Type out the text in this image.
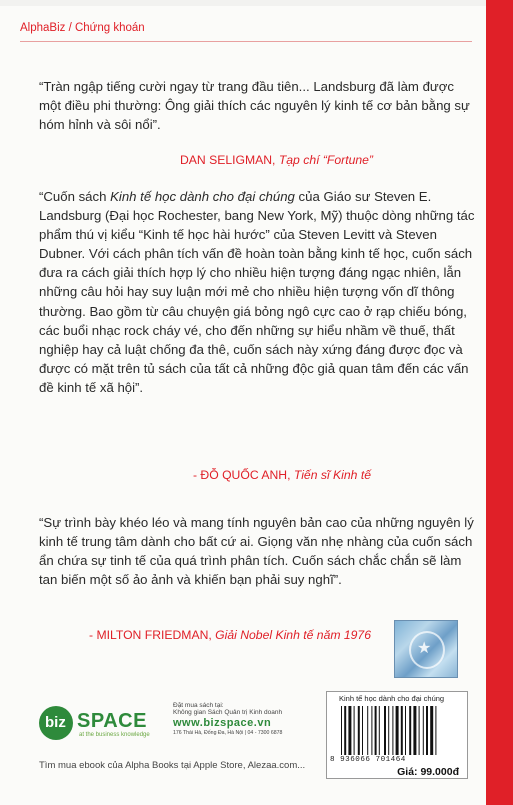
AlphaBiz / Chứng khoán

“Tràn ngập tiếng cười ngay từ trang đầu tiên... Landsburg đã làm được một điều phi thường: Ông giải thích các nguyên lý kinh tế cơ bản bằng sự hóm hỉnh và sôi nổi”.

DAN SELIGMAN, Tạp chí “Fortune”

“Cuốn sách Kinh tế học dành cho đại chúng của Giáo sư Steven E. Landsburg (Đại học Rochester, bang New York, Mỹ) thuộc dòng những tác phẩm thú vị kiểu “Kinh tế học hài hước” của Steven Levitt và Steven Dubner. Với cách phân tích vấn đề hoàn toàn bằng kinh tế học, cuốn sách đưa ra cách giải thích hợp lý cho nhiều hiện tượng đáng ngạc nhiên, lẫn những câu hỏi hay suy luận mới mẻ cho nhiều hiện tượng vốn dĩ thông thường. Bao gồm từ câu chuyện giá bỏng ngô cực cao ở rạp chiếu bóng, các buổi nhạc rock cháy vé, cho đến những sự hiểu nhầm về thuế, thất nghiệp hay cả luật chống đa thê, cuốn sách này xứng đáng được đọc và được có mặt trên tủ sách của tất cả những độc giả quan tâm đến các vấn đề kinh tế xã hội”.

- ĐỖ QUỐC ANH, Tiến sĩ Kinh tế

“Sự trình bày khéo léo và mang tính nguyên bản cao của những nguyên lý kinh tế trung tâm dành cho bất cứ ai. Giọng văn nhẹ nhàng của cuốn sách ẩn chứa sự tinh tế của quá trình phân tích. Cuốn sách chắc chắn sẽ làm tan biến một số ảo ảnh và khiến bạn phải suy nghĩ”.

- MILTON FRIEDMAN, Giải Nobel Kinh tế năm 1976
★
biz SPACE
at the business knowledge
Đặt mua sách tại:
Không gian Sách Quản trị Kinh doanh
www.bizspace.vn
176 Thái Hà, Đống Đa, Hà Nội | 04 - 7300 6878
Tìm mua ebook của Alpha Books tại Apple Store, Alezaa.com...
Kinh tế học dành cho đại chúng
8 936066 701464
Giá: 99.000đ
